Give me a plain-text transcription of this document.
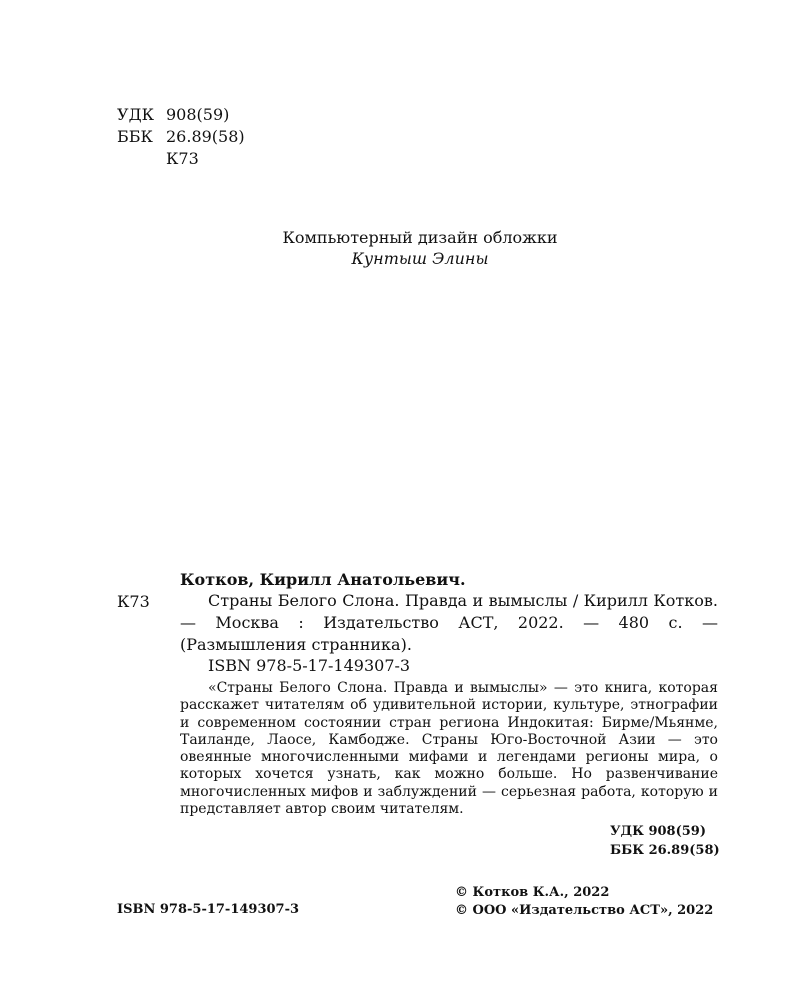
УДК 908(59)
ББК 26.89(58)
К73
Компьютерный дизайн обложки
Кунтыш Элины
Котков, Кирилл Анатольевич.
К73	Страны Белого Слона. Правда и вымыслы / Кирилл Котков. — Москва : Издательство АСТ, 2022. — 480 с. — (Размышления странника).
ISBN 978-5-17-149307-3
«Страны Белого Слона. Правда и вымыслы» — это книга, которая расскажет читателям об удивительной истории, культуре, этнографии и современном состоянии стран региона Индокитая: Бирме/Мьянме, Таиланде, Лаосе, Камбодже. Страны Юго-Восточной Азии — это овеянные многочисленными мифами и легендами регионы мира, о которых хочется узнать, как можно больше. Но развенчивание многочисленных мифов и заблуждений — серьезная работа, которую и представляет автор своим читателям.
УДК 908(59)
ББК 26.89(58)
ISBN 978-5-17-149307-3
© Котков К.А., 2022
© ООО «Издательство АСТ», 2022
